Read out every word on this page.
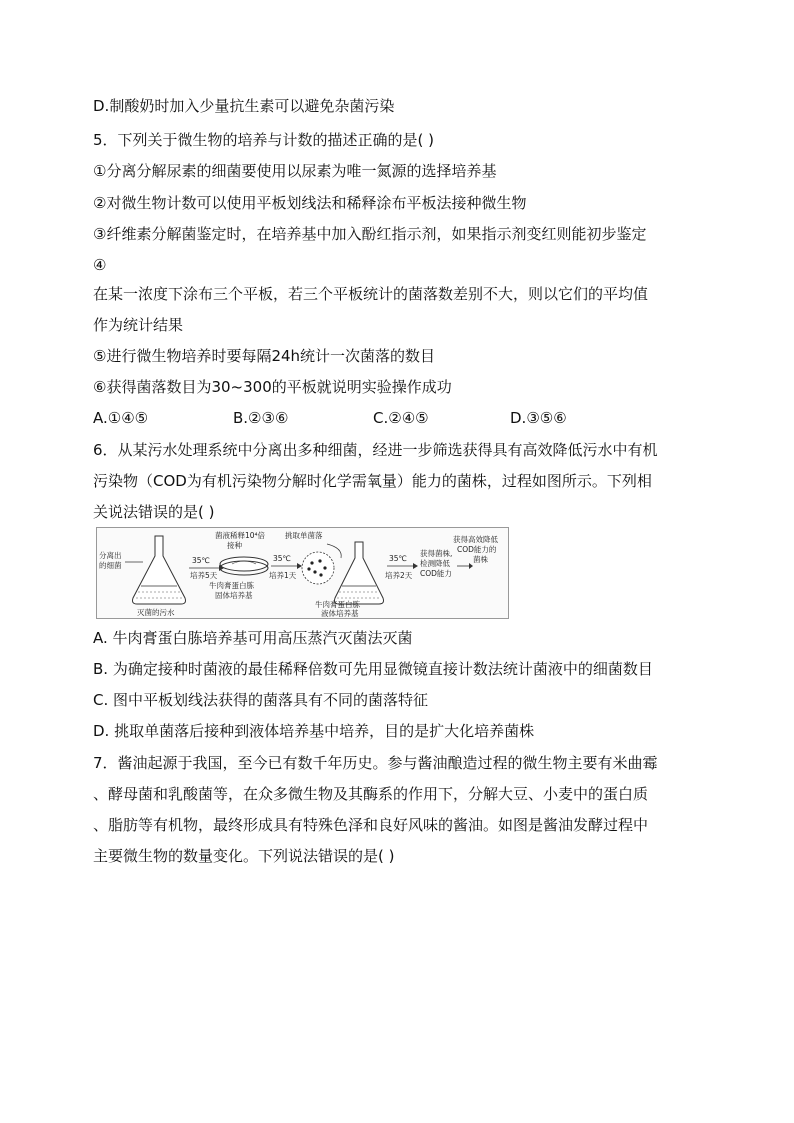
D.制酸奶时加入少量抗生素可以避免杂菌污染
5．下列关于微生物的培养与计数的描述正确的是( )
①分离分解尿素的细菌要使用以尿素为唯一氮源的选择培养基
②对微生物计数可以使用平板划线法和稀释涂布平板法接种微生物
③纤维素分解菌鉴定时，在培养基中加入酚红指示剂，如果指示剂变红则能初步鉴定
④
在某一浓度下涂布三个平板，若三个平板统计的菌落数差别不大，则以它们的平均值
作为统计结果
⑤进行微生物培养时要每隔24h统计一次菌落的数目
⑥获得菌落数目为30~300的平板就说明实验操作成功
A.①④⑤	B.②③⑥	C.②④⑤	D.③⑤⑥
6．从某污水处理系统中分离出多种细菌，经进一步筛选获得具有高效降低污水中有机
污染物（COD为有机污染物分解时化学需氧量）能力的菌株，过程如图所示。下列相
关说法错误的是( )
分离出
的细菌
灭菌的污水
35℃
培养5天
菌液稀释10⁴倍
接种
牛肉膏蛋白胨
固体培养基
35℃
培养1天
挑取单菌落
牛肉膏蛋白胨
液体培养基
35℃
培养2天
获得菌株,
检测降低
COD能力
获得高效降低
COD能力的
菌株
A. 牛肉膏蛋白胨培养基可用高压蒸汽灭菌法灭菌
B. 为确定接种时菌液的最佳稀释倍数可先用显微镜直接计数法统计菌液中的细菌数目
C. 图中平板划线法获得的菌落具有不同的菌落特征
D. 挑取单菌落后接种到液体培养基中培养，目的是扩大化培养菌株
7．酱油起源于我国，至今已有数千年历史。参与酱油酿造过程的微生物主要有米曲霉
、酵母菌和乳酸菌等，在众多微生物及其酶系的作用下，分解大豆、小麦中的蛋白质
、脂肪等有机物，最终形成具有特殊色泽和良好风味的酱油。如图是酱油发酵过程中
主要微生物的数量变化。下列说法错误的是( )
